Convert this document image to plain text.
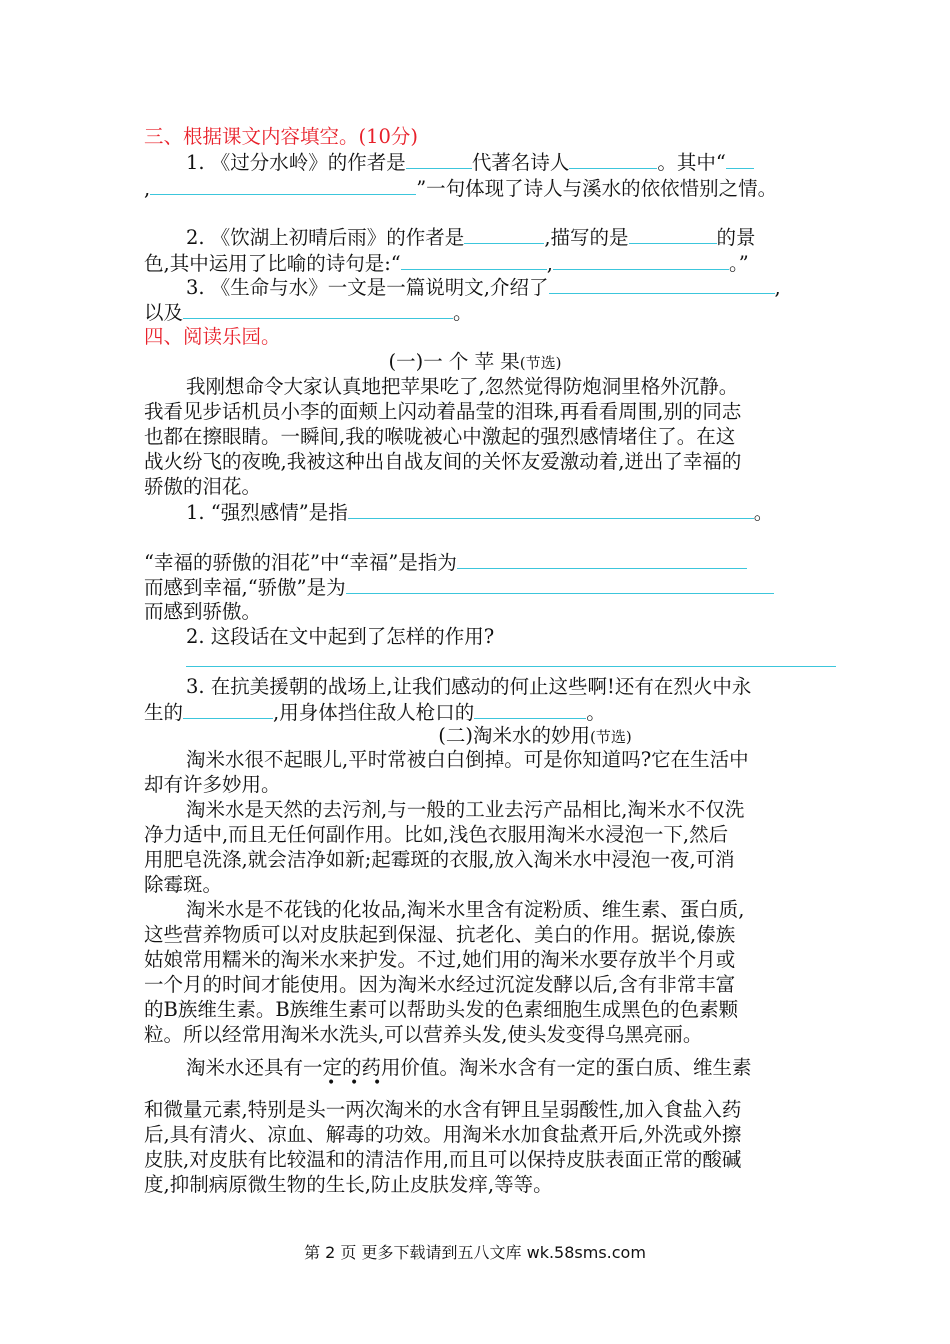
三、根据课文内容填空。(10分)
1. 《过分水岭》的作者是	代著名诗人	。其中“
,	”一句体现了诗人与溪水的依依惜别之情。
2. 《饮湖上初晴后雨》的作者是	,描写的是	的景
色,其中运用了比喻的诗句是:“	,	。”
3. 《生命与水》一文是一篇说明文,介绍了	,
以及	。
四、阅读乐园。
(一)一 个 苹 果(节选)
我刚想命令大家认真地把苹果吃了,忽然觉得防炮洞里格外沉静。
我看见步话机员小李的面颊上闪动着晶莹的泪珠,再看看周围,别的同志
也都在擦眼睛。一瞬间,我的喉咙被心中激起的强烈感情堵住了。在这
战火纷飞的夜晚,我被这种出自战友间的关怀友爱激动着,迸出了幸福的
骄傲的泪花。
1. “强烈感情”是指	。
“幸福的骄傲的泪花”中“幸福”是指为
而感到幸福,“骄傲”是为
而感到骄傲。
2. 这段话在文中起到了怎样的作用?
3. 在抗美援朝的战场上,让我们感动的何止这些啊!还有在烈火中永
生的	,用身体挡住敌人枪口的	。
(二)淘米水的妙用(节选)
淘米水很不起眼儿,平时常被白白倒掉。可是你知道吗?它在生活中
却有许多妙用。
淘米水是天然的去污剂,与一般的工业去污产品相比,淘米水不仅洗
净力适中,而且无任何副作用。比如,浅色衣服用淘米水浸泡一下,然后
用肥皂洗涤,就会洁净如新;起霉斑的衣服,放入淘米水中浸泡一夜,可消
除霉斑。
淘米水是不花钱的化妆品,淘米水里含有淀粉质、维生素、蛋白质,
这些营养物质可以对皮肤起到保湿、抗老化、美白的作用。据说,傣族
姑娘常用糯米的淘米水来护发。不过,她们用的淘米水要存放半个月或
一个月的时间才能使用。因为淘米水经过沉淀发酵以后,含有非常丰富
的B族维生素。B族维生素可以帮助头发的色素细胞生成黑色的色素颗
粒。所以经常用淘米水洗头,可以营养头发,使头发变得乌黑亮丽。
淘米水还具有一定的药用价值。淘米水含有一定的蛋白质、维生素
• • •
和微量元素,特别是头一两次淘米的水含有钾且呈弱酸性,加入食盐入药
后,具有清火、凉血、解毒的功效。用淘米水加食盐煮开后,外洗或外擦
皮肤,对皮肤有比较温和的清洁作用,而且可以保持皮肤表面正常的酸碱
度,抑制病原微生物的生长,防止皮肤发痒,等等。
第 2 页 更多下载请到五八文库 wk.58sms.com
